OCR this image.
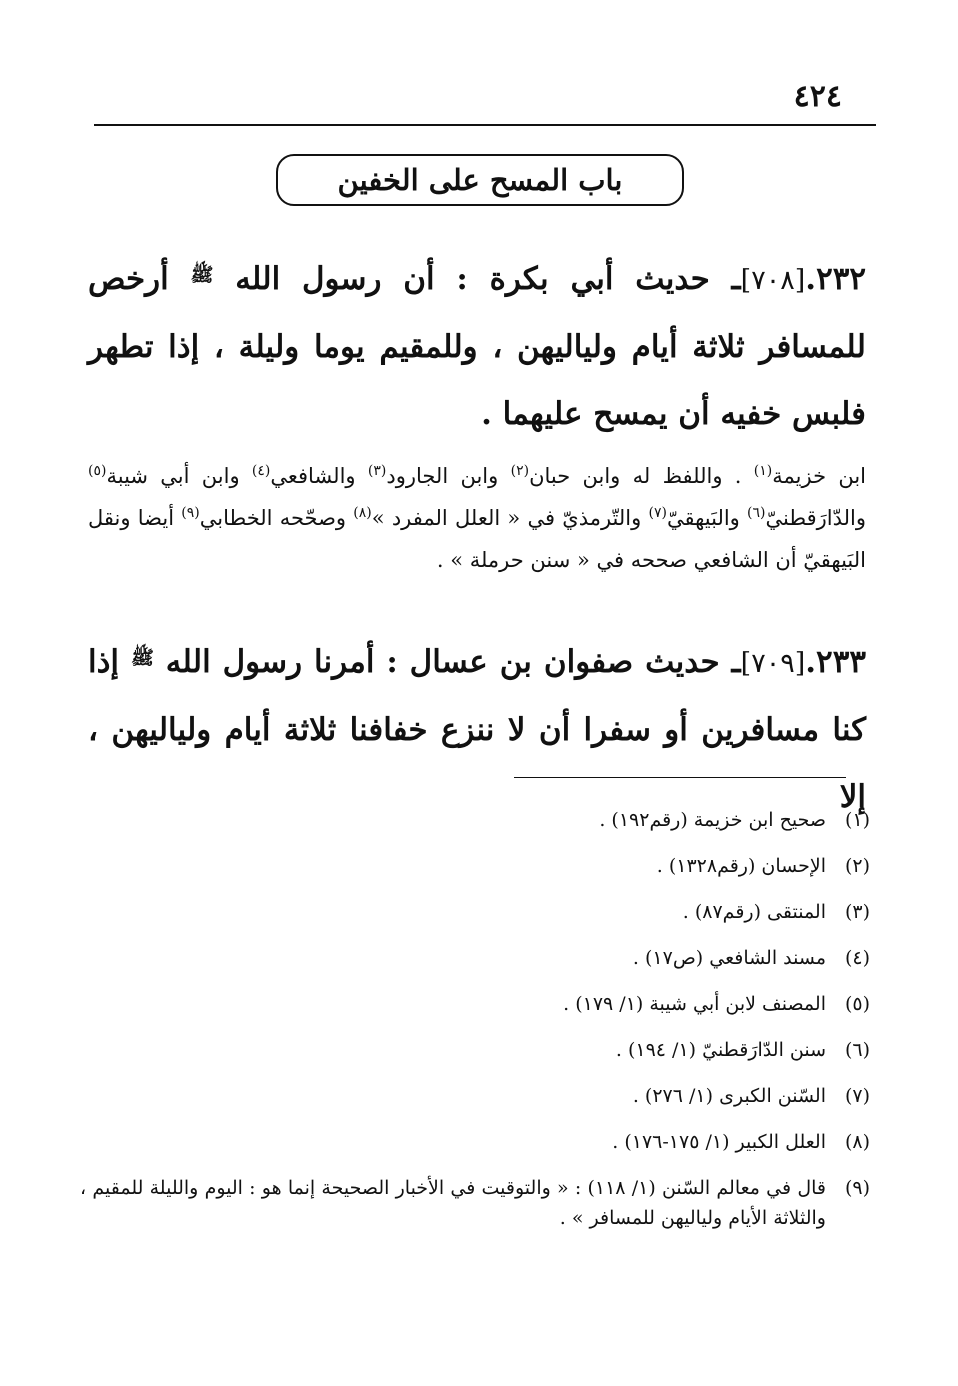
٤٢٤
باب المسح على الخفين

٢٣٢.[٧٠٨]ـ حديث أبي بكرة : أن رسول الله $^ﷺ$ أرخص للمسافر ثلاثة أيام ولياليهن ، وللمقيم يوما وليلة ، إذا تطهر فلبس خفيه أن يمسح عليهما .

ابن خزيمة$^{(١)}$ . واللفظ له وابن حبان$^{(٢)}$ وابن الجارود$^{(٣)}$ والشافعي$^{(٤)}$ وابن أبي شيبة$^{(٥)}$ والدّارَقطنيّ$^{(٦)}$ والبَيهقيّ$^{(٧)}$ والتّرمذيّ في « العلل المفرد »$^{(٨)}$ وصحّحه الخطابي$^{(٩)}$ أيضا ونقل البَيهقيّ أن الشافعي صححه في « سنن حرملة » .

٢٣٣.[٧٠٩]ـ حديث صفوان بن عسال : أمرنا رسول الله $^ﷺ$ إذا كنا مسافرين أو سفرا أن لا ننزع خفافنا ثلاثة أيام ولياليهن ، إلا

(١)
صحيح ابن خزيمة (رقم١٩٢) .
(٢)
الإحسان (رقم١٣٢٨) .
(٣)
المنتقى (رقم٨٧) .
(٤)
مسند الشافعي (ص١٧) .
(٥)
المصنف لابن أبي شيبة (١/ ١٧٩) .
(٦)
سنن الدّارَقطنيّ (١/ ١٩٤) .
(٧)
السّنن الكبرى (١/ ٢٧٦) .
(٨)
العلل الكبير (١/ ١٧٥-١٧٦) .
(٩)
قال في معالم السّنن (١/ ١١٨) : « والتوقيت في الأخبار الصحيحة إنما هو : اليوم والليلة للمقيم ، والثلاثة الأيام ولياليهن للمسافر » .
